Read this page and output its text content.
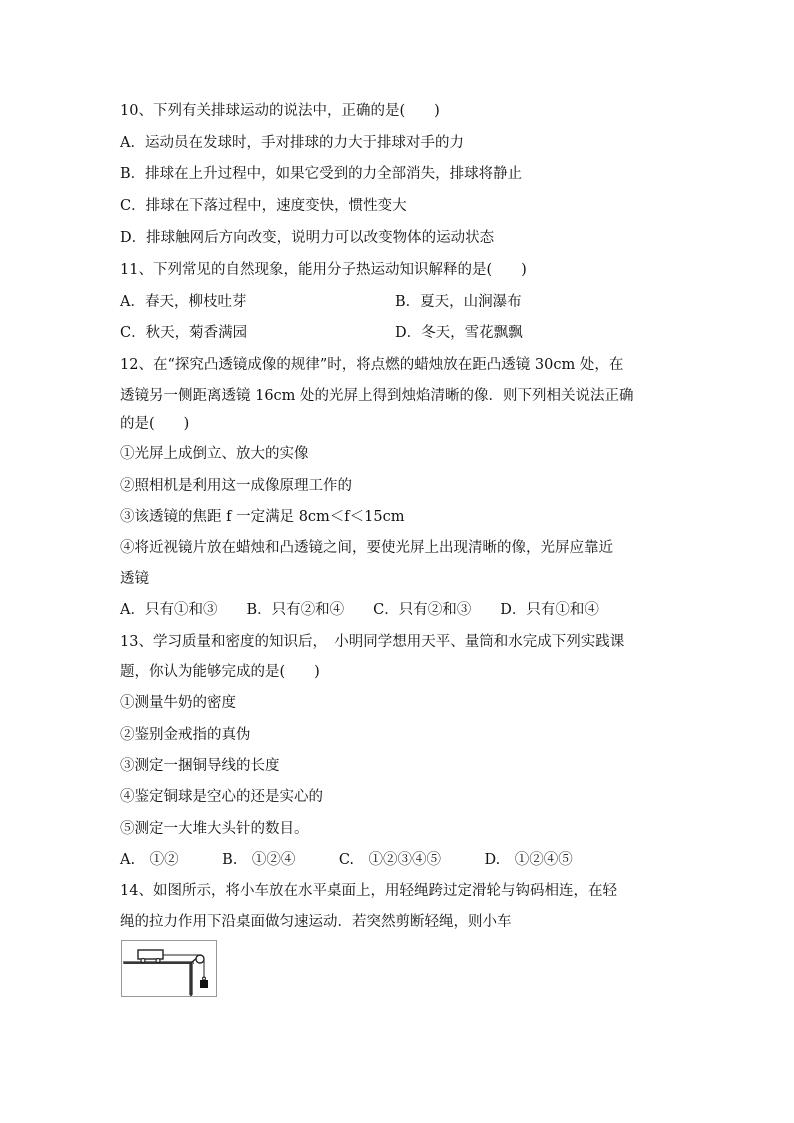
10、下列有关排球运动的说法中，正确的是(　　)
A．运动员在发球时，手对排球的力大于排球对手的力
B．排球在上升过程中，如果它受到的力全部消失，排球将静止
C．排球在下落过程中，速度变快，惯性变大
D．排球触网后方向改变，说明力可以改变物体的运动状态
11、下列常见的自然现象，能用分子热运动知识解释的是(　　)
A．春天，柳枝吐芽	B．夏天，山涧瀑布
C．秋天，菊香满园	D．冬天，雪花飘飘
12、在“探究凸透镜成像的规律”时，将点燃的蜡烛放在距凸透镜 30cm 处，在
透镜另一侧距离透镜 16cm 处的光屏上得到烛焰清晰的像．则下列相关说法正确
的是(　　)
①光屏上成倒立、放大的实像
②照相机是利用这一成像原理工作的
③该透镜的焦距 f 一定满足 8cm＜f＜15cm
④将近视镜片放在蜡烛和凸透镜之间，要使光屏上出现清晰的像，光屏应靠近
透镜
A．只有①和③　　B．只有②和④　　C．只有②和③　　D．只有①和④
13、学习质量和密度的知识后，　小明同学想用天平、量筒和水完成下列实践课
题，你认为能够完成的是(　　)
①测量牛奶的密度
②鉴别金戒指的真伪
③测定一捆铜导线的长度
④鉴定铜球是空心的还是实心的
⑤测定一大堆大头针的数目。
A.　①②　　　B.　①②④　　　C.　①②③④⑤　　　D.　①②④⑤
14、如图所示，将小车放在水平桌面上，用轻绳跨过定滑轮与钩码相连，在轻
绳的拉力作用下沿桌面做匀速运动．若突然剪断轻绳，则小车
